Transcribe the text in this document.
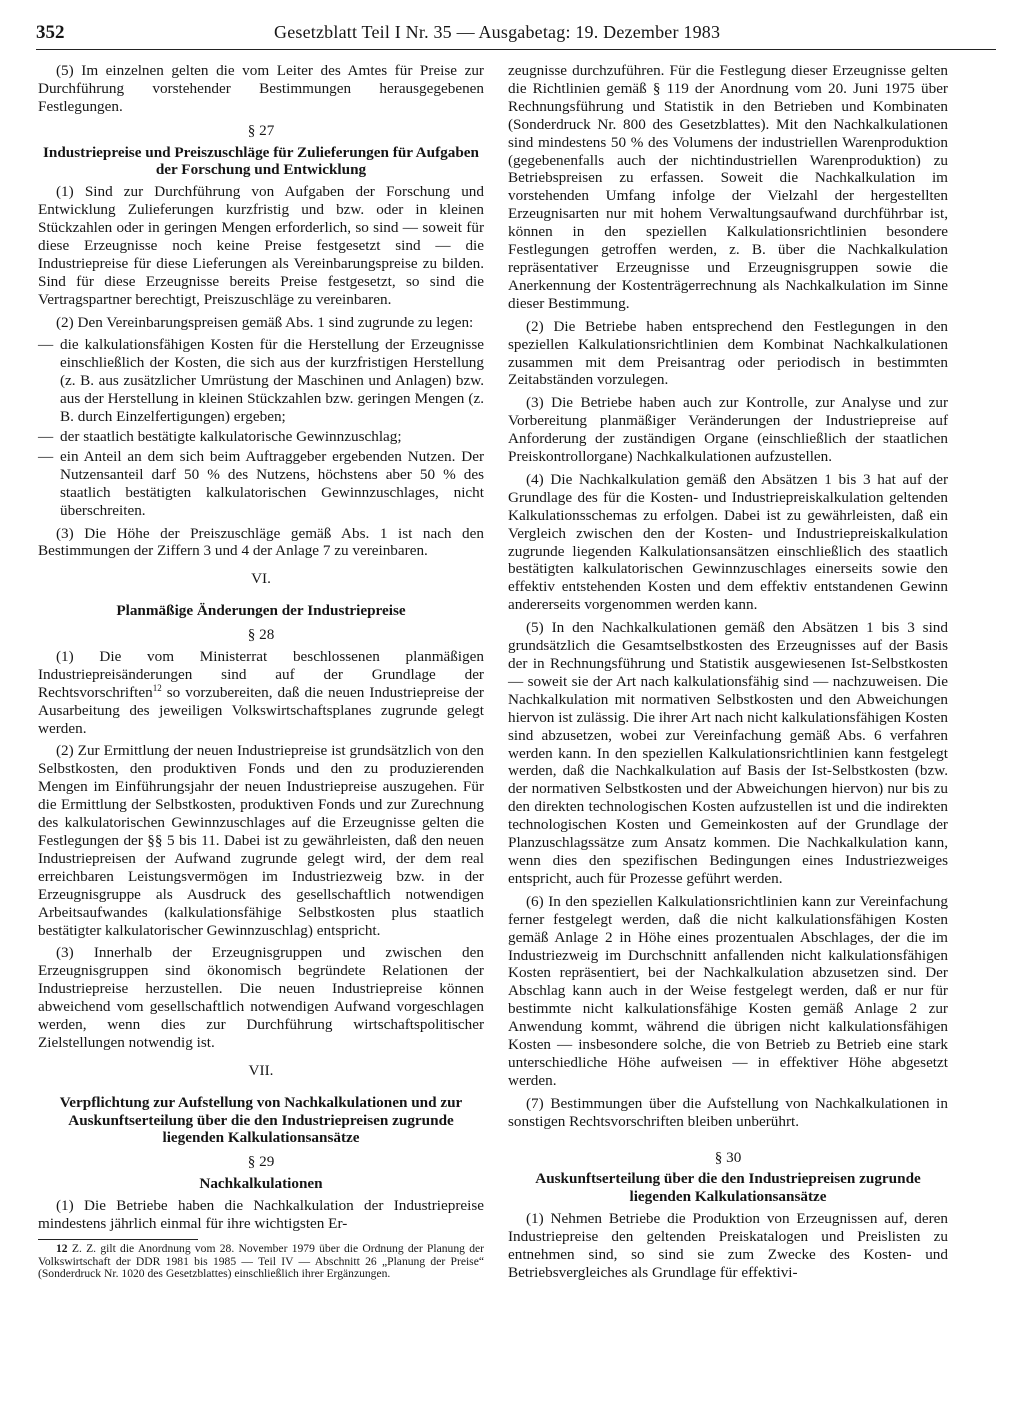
352	Gesetzblatt Teil I Nr. 35 — Ausgabetag: 19. Dezember 1983

(5) Im einzelnen gelten die vom Leiter des Amtes für Preise zur Durchführung vorstehender Bestimmungen herausgegebenen Festlegungen.

§ 27
Industriepreise und Preiszuschläge für Zulieferungen für Aufgaben der Forschung und Entwicklung

(1) Sind zur Durchführung von Aufgaben der Forschung und Entwicklung Zulieferungen kurzfristig und bzw. oder in kleinen Stückzahlen oder in geringen Mengen erforderlich, so sind — soweit für diese Erzeugnisse noch keine Preise festgesetzt sind — die Industriepreise für diese Lieferungen als Vereinbarungspreise zu bilden. Sind für diese Erzeugnisse bereits Preise festgesetzt, so sind die Vertragspartner berechtigt, Preiszuschläge zu vereinbaren.

(2) Den Vereinbarungspreisen gemäß Abs. 1 sind zugrunde zu legen:

— die kalkulationsfähigen Kosten für die Herstellung der Erzeugnisse einschließlich der Kosten, die sich aus der kurzfristigen Herstellung (z. B. aus zusätzlicher Umrüstung der Maschinen und Anlagen) bzw. aus der Herstellung in kleinen Stückzahlen bzw. geringen Mengen (z. B. durch Einzelfertigungen) ergeben;
— der staatlich bestätigte kalkulatorische Gewinnzuschlag;
— ein Anteil an dem sich beim Auftraggeber ergebenden Nutzen. Der Nutzensanteil darf 50 % des Nutzens, höchstens aber 50 % des staatlich bestätigten kalkulatorischen Gewinnzuschlages, nicht überschreiten.

(3) Die Höhe der Preiszuschläge gemäß Abs. 1 ist nach den Bestimmungen der Ziffern 3 und 4 der Anlage 7 zu vereinbaren.

VI.
Planmäßige Änderungen der Industriepreise
§ 28

(1) Die vom Ministerrat beschlossenen planmäßigen Industriepreisänderungen sind auf der Grundlage der Rechtsvorschriften$^{12}$ so vorzubereiten, daß die neuen Industriepreise der Ausarbeitung des jeweiligen Volkswirtschaftsplanes zugrunde gelegt werden.

(2) Zur Ermittlung der neuen Industriepreise ist grundsätzlich von den Selbstkosten, den produktiven Fonds und den zu produzierenden Mengen im Einführungsjahr der neuen Industriepreise auszugehen. Für die Ermittlung der Selbstkosten, produktiven Fonds und zur Zurechnung des kalkulatorischen Gewinnzuschlages auf die Erzeugnisse gelten die Festlegungen der §§ 5 bis 11. Dabei ist zu gewährleisten, daß den neuen Industriepreisen der Aufwand zugrunde gelegt wird, der dem real erreichbaren Leistungsvermögen im Industriezweig bzw. in der Erzeugnisgruppe als Ausdruck des gesellschaftlich notwendigen Arbeitsaufwandes (kalkulationsfähige Selbstkosten plus staatlich bestätigter kalkulatorischer Gewinnzuschlag) entspricht.

(3) Innerhalb der Erzeugnisgruppen und zwischen den Erzeugnisgruppen sind ökonomisch begründete Relationen der Industriepreise herzustellen. Die neuen Industriepreise können abweichend vom gesellschaftlich notwendigen Aufwand vorgeschlagen werden, wenn dies zur Durchführung wirtschaftspolitischer Zielstellungen notwendig ist.

VII.
Verpflichtung zur Aufstellung von Nachkalkulationen und zur Auskunftserteilung über die den Industriepreisen zugrunde liegenden Kalkulationsansätze
§ 29
Nachkalkulationen

(1) Die Betriebe haben die Nachkalkulation der Industriepreise mindestens jährlich einmal für ihre wichtigsten Er-

12 Z. Z. gilt die Anordnung vom 28. November 1979 über die Ordnung der Planung der Volkswirtschaft der DDR 1981 bis 1985 — Teil IV — Abschnitt 26 „Planung der Preise“ (Sonderdruck Nr. 1020 des Gesetzblattes) einschließlich ihrer Ergänzungen.

zeugnisse durchzuführen. Für die Festlegung dieser Erzeugnisse gelten die Richtlinien gemäß § 119 der Anordnung vom 20. Juni 1975 über Rechnungsführung und Statistik in den Betrieben und Kombinaten (Sonderdruck Nr. 800 des Gesetzblattes). Mit den Nachkalkulationen sind mindestens 50 % des Volumens der industriellen Warenproduktion (gegebenenfalls auch der nichtindustriellen Warenproduktion) zu Betriebspreisen zu erfassen. Soweit die Nachkalkulation im vorstehenden Umfang infolge der Vielzahl der hergestellten Erzeugnisarten nur mit hohem Verwaltungsaufwand durchführbar ist, können in den speziellen Kalkulationsrichtlinien besondere Festlegungen getroffen werden, z. B. über die Nachkalkulation repräsentativer Erzeugnisse und Erzeugnisgruppen sowie die Anerkennung der Kostenträgerrechnung als Nachkalkulation im Sinne dieser Bestimmung.

(2) Die Betriebe haben entsprechend den Festlegungen in den speziellen Kalkulationsrichtlinien dem Kombinat Nachkalkulationen zusammen mit dem Preisantrag oder periodisch in bestimmten Zeitabständen vorzulegen.

(3) Die Betriebe haben auch zur Kontrolle, zur Analyse und zur Vorbereitung planmäßiger Veränderungen der Industriepreise auf Anforderung der zuständigen Organe (einschließlich der staatlichen Preiskontrollorgane) Nachkalkulationen aufzustellen.

(4) Die Nachkalkulation gemäß den Absätzen 1 bis 3 hat auf der Grundlage des für die Kosten- und Industriepreiskalkulation geltenden Kalkulationsschemas zu erfolgen. Dabei ist zu gewährleisten, daß ein Vergleich zwischen den der Kosten- und Industriepreiskalkulation zugrunde liegenden Kalkulationsansätzen einschließlich des staatlich bestätigten kalkulatorischen Gewinnzuschlages einerseits sowie den effektiv entstehenden Kosten und dem effektiv entstandenen Gewinn andererseits vorgenommen werden kann.

(5) In den Nachkalkulationen gemäß den Absätzen 1 bis 3 sind grundsätzlich die Gesamtselbstkosten des Erzeugnisses auf der Basis der in Rechnungsführung und Statistik ausgewiesenen Ist-Selbstkosten — soweit sie der Art nach kalkulationsfähig sind — nachzuweisen. Die Nachkalkulation mit normativen Selbstkosten und den Abweichungen hiervon ist zulässig. Die ihrer Art nach nicht kalkulationsfähigen Kosten sind abzusetzen, wobei zur Vereinfachung gemäß Abs. 6 verfahren werden kann. In den speziellen Kalkulationsrichtlinien kann festgelegt werden, daß die Nachkalkulation auf Basis der Ist-Selbstkosten (bzw. der normativen Selbstkosten und der Abweichungen hiervon) nur bis zu den direkten technologischen Kosten aufzustellen ist und die indirekten technologischen Kosten und Gemeinkosten auf der Grundlage der Planzuschlagssätze zum Ansatz kommen. Die Nachkalkulation kann, wenn dies den spezifischen Bedingungen eines Industriezweiges entspricht, auch für Prozesse geführt werden.

(6) In den speziellen Kalkulationsrichtlinien kann zur Vereinfachung ferner festgelegt werden, daß die nicht kalkulationsfähigen Kosten gemäß Anlage 2 in Höhe eines prozentualen Abschlages, der die im Industriezweig im Durchschnitt anfallenden nicht kalkulationsfähigen Kosten repräsentiert, bei der Nachkalkulation abzusetzen sind. Der Abschlag kann auch in der Weise festgelegt werden, daß er nur für bestimmte nicht kalkulationsfähige Kosten gemäß Anlage 2 zur Anwendung kommt, während die übrigen nicht kalkulationsfähigen Kosten — insbesondere solche, die von Betrieb zu Betrieb eine stark unterschiedliche Höhe aufweisen — in effektiver Höhe abgesetzt werden.

(7) Bestimmungen über die Aufstellung von Nachkalkulationen in sonstigen Rechtsvorschriften bleiben unberührt.

§ 30
Auskunftserteilung über die den Industriepreisen zugrunde liegenden Kalkulationsansätze

(1) Nehmen Betriebe die Produktion von Erzeugnissen auf, deren Industriepreise den geltenden Preiskatalogen und Preislisten zu entnehmen sind, so sind sie zum Zwecke des Kosten- und Betriebsvergleiches als Grundlage für effektivi-
